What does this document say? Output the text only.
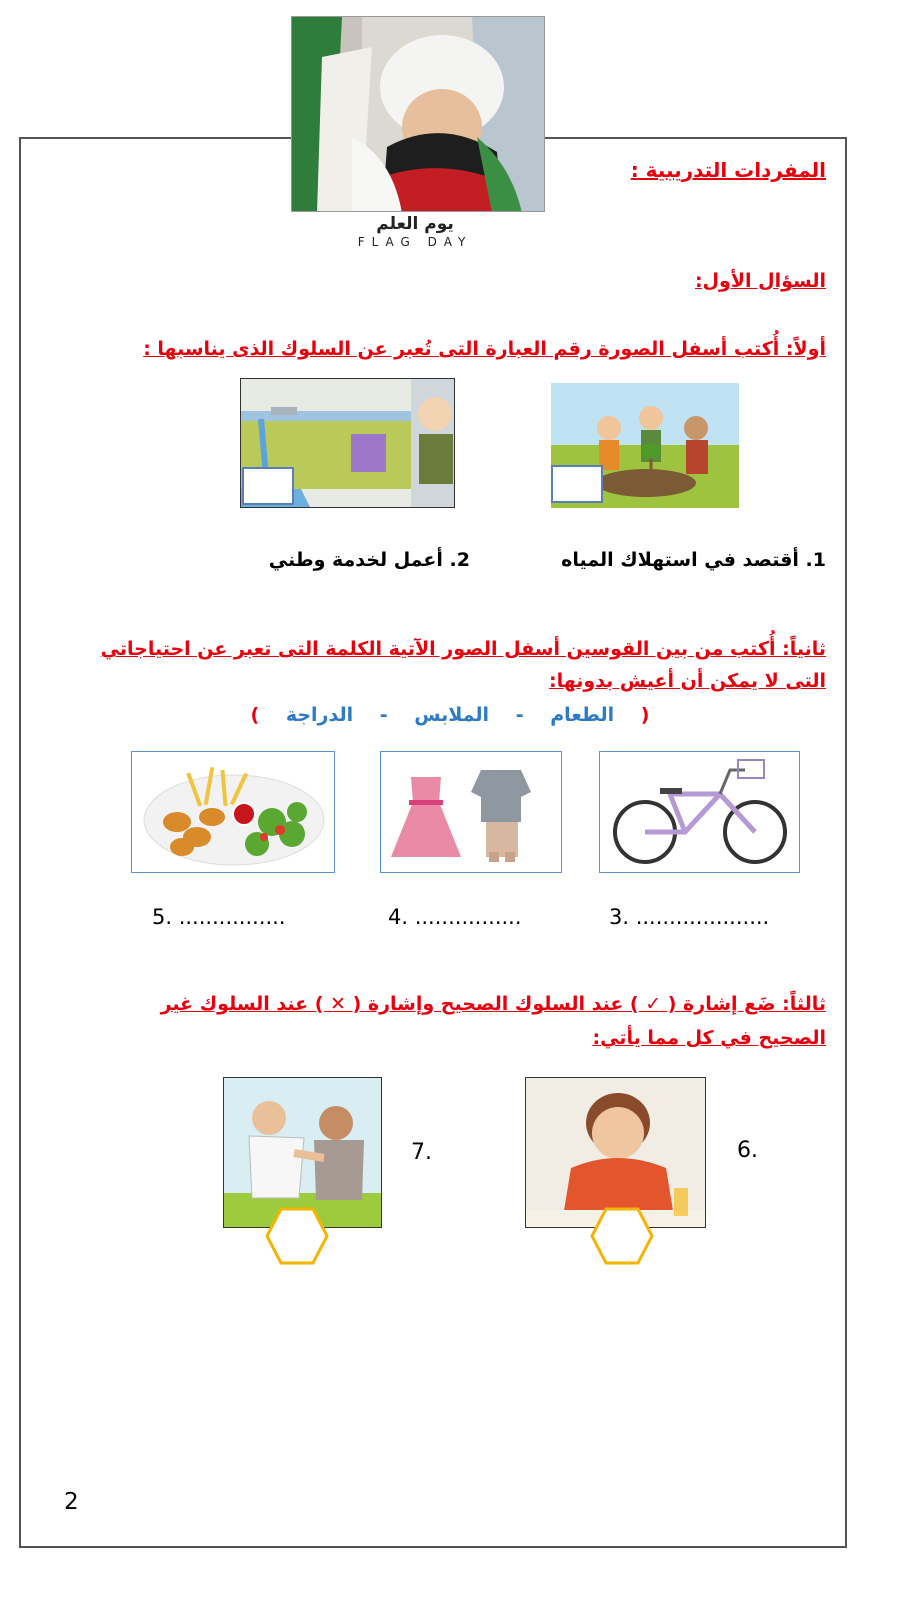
يوم العلم
FLAG DAY
المفردات التدريبية :
السؤال الأول:
أولاً: أُكتب أسفل الصورة رقم العبارة التى تُعبر عن السلوك الذى يناسبها :
1. أقتصد في استهلاك المياه
2. أعمل لخدمة وطني
ثانياً: أُكتب من بين القوسين أسفل الصور الآتية الكلمة التى تعبر عن احتياجاتي
التى لا يمكن أن أعيش بدونها:
( الطعام - الملابس - الدراجة )
3. ....................
4. ................
5. ................
ثالثاً: ضَع إشارة ( ✓ ) عند السلوك الصحيح وإشارة ( ✕ ) عند السلوك غير
الصحيح في كل مما يأتي:
7.	6.
2
